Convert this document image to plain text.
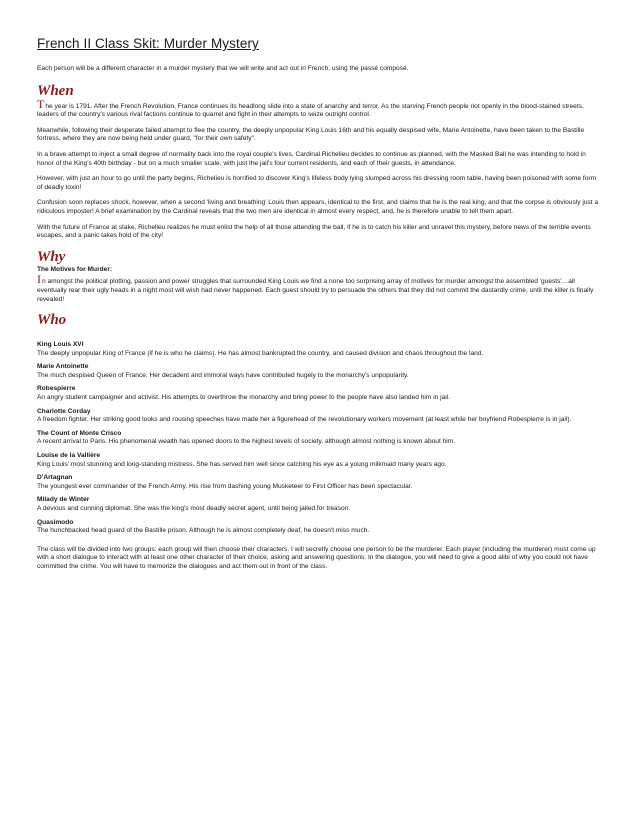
French II Class Skit: Murder Mystery

Each person will be a different character in a murder mystery that we will write and act out in French, using the passé composé.

When

The year is 1791. After the French Revolution, France continues its headlong slide into a state of anarchy and terror. As the starving French people riot openly in the blood-stained streets, leaders of the country's various rival factions continue to quarrel and fight in their attempts to seize outright control.

Meanwhile, following their desperate failed attempt to flee the country, the deeply unpopular King Louis 16th and his equally despised wife, Marie Antoinette, have been taken to the Bastille fortress, where they are now being held under guard, "for their own safety".

In a brave attempt to inject a small degree of normality back into the royal couple's lives, Cardinal Richelieu decides to continue as planned, with the Masked Ball he was intending to hold in honor of the King's 40th birthday - but on a much smaller scale, with just the jail's four current residents, and each of their guests, in attendance.

However, with just an hour to go until the party begins, Richelieu is horrified to discover King's lifeless body lying slumped across his dressing room table, having been poisoned with some form of deadly toxin!

Confusion soon replaces shock, however, when a second 'living and breathing' Louis then appears, identical to the first, and claims that he is the real king, and that the corpse is obviously just a ridiculous imposter! A brief examination by the Cardinal reveals that the two men are identical in almost every respect, and, he is therefore unable to tell them apart.

With the future of France at stake, Richelieu realizes he must enlist the help of all those attending the ball, if he is to catch his killer and unravel this mystery, before news of the terrible events escapes, and a panic takes hold of the city!

Why
The Motives for Murder:

In amongst the political plotting, passion and power struggles that surrounded King Louis we find a none too surprising array of motives for murder amongst the assembled 'guests'…all eventually rear their ugly heads in a night most will wish had never happened. Each guest should try to persuade the others that they did not commit the dastardly crime, until the killer is finally revealed!

Who
King Louis XVI
The deeply unpopular King of France (if he is who he claims). He has almost bankrupted the country, and caused division and chaos throughout the land.
Marie Antoinette
The much despised Queen of France. Her decadent and immoral ways have contributed hugely to the monarchy's unpopularity.
Robespierre
An angry student campaigner and activist. His attempts to overthrow the monarchy and bring power to the people have also landed him in jail.
Charlotte Corday
A freedom fighter. Her striking good looks and rousing speeches have made her a figurehead of the revolutionary workers movement (at least while her boyfriend Robespierre is in jail).
The Count of Monte Crisco
A recent arrival to Paris. His phenomenal wealth has opened doors to the highest levels of society, although almost nothing is known about him.
Louise de la Vallière
King Louis' most stunning and long-standing mistress. She has served him well since catching his eye as a young milkmaid many years ago.
D'Artagnan
The youngest ever commander of the French Army. His rise from dashing young Musketeer to First Officer has been spectacular.
Milady de Winter
A devious and cunning diplomat. She was the king's most deadly secret agent, until being jailed for treason.
Quasimodo
The hunchbacked head guard of the Bastille prison. Although he is almost completely deaf, he doesn't miss much.

The class will be divided into two groups: each group will then choose their characters. I will secretly choose one person to be the murderer. Each player (including the murderer) must come up with a short dialogue to interact with at least one other character of their choice, asking and answering questions. In the dialogue, you will need to give a good alibi of why you could not have committed the crime. You will have to memorize the dialogues and act them out in front of the class.
